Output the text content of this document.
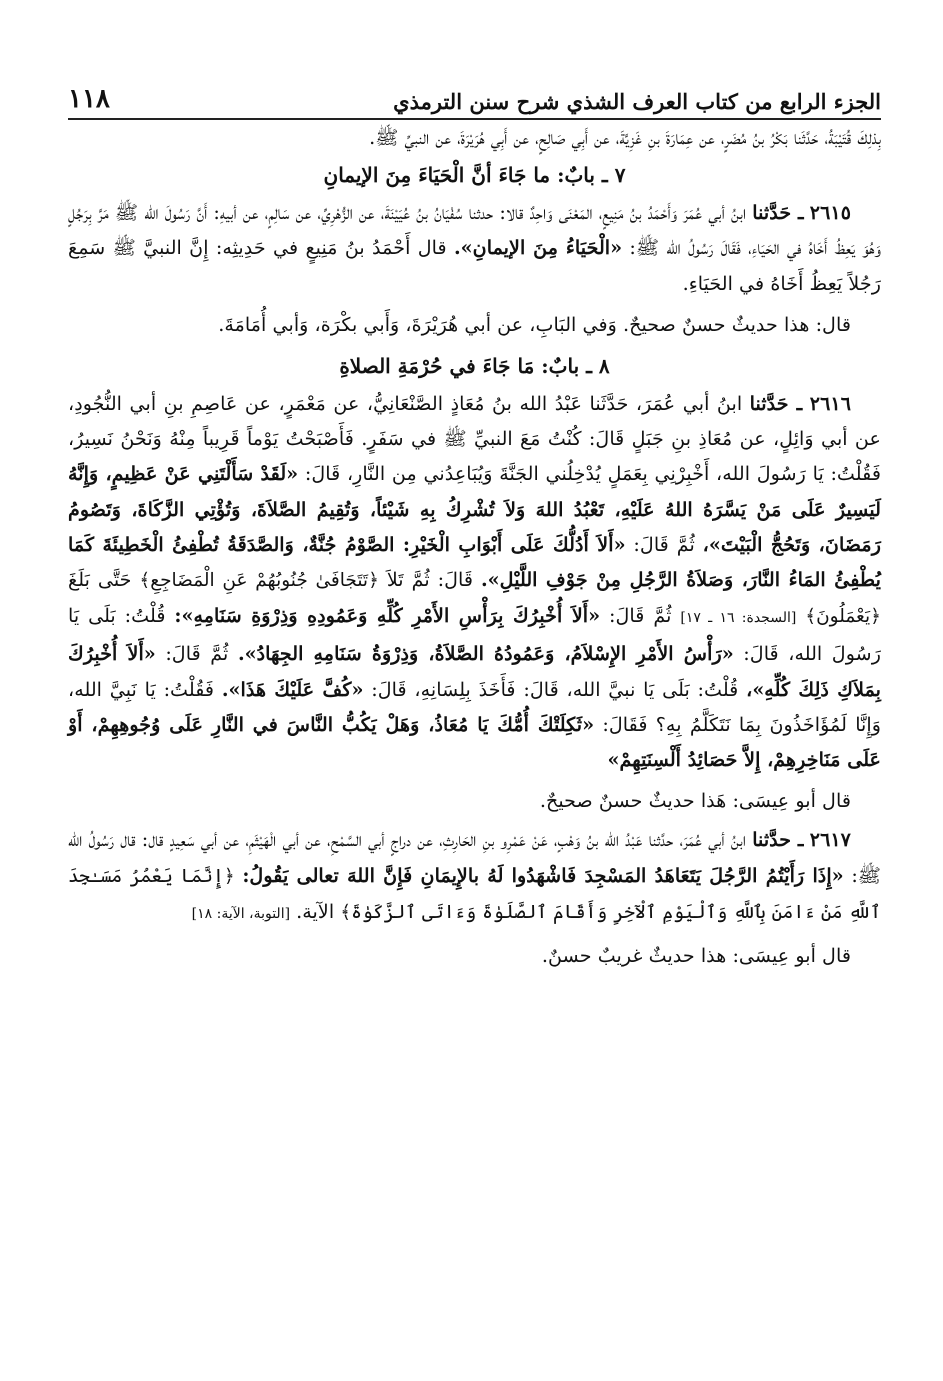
الجزء الرابع من كتاب العرف الشذي شرح سنن الترمذي
١١٨

بِذلِكَ قُتَيْبَةُ، حَدَّثَنا بَكْرُ بنُ مُضَرٍ، عن عِمَارَةَ بنِ غَزِيَّةَ، عن أَبِي صَالِحٍ، عن أَبِي هُرَيْرَةَ، عن النبيِّ ﷺ.

٧ ـ بابٌ: ما جَاءَ أنَّ الْحَيَاءَ مِنَ الإيمانِ

٢٦١٥ ـ حَدَّثنا ابنُ أبي عُمَرَ وَأَحْمَدُ بنُ مَنِيعٍ، المَعْنَى وَاحِدٌ قالا: حدثنا سُفْيَانُ بنُ عُيَيْنَةَ، عن الزُّهْرِيِّ، عن سَالِمٍ، عن أبيهِ: أَنَّ رَسُولَ الله ﷺ مَرَّ بِرَجُلٍ وَهُوَ يَعِظُ أَخَاهُ في الحَيَاءِ، فَقَالَ رَسُولُ الله ﷺ: «الْحَيَاءُ مِنَ الإيمانِ». قال أَحْمَدُ بنُ مَنِيعٍ في حَدِيثِه: إِنَّ النبيَّ ﷺ سَمِعَ رَجُلاً يَعِظُ أَخَاهُ في الحَيَاءِ.

قال: هذا حديثٌ حسنٌ صحيحٌ. وَفي البَابِ، عن أبي هُرَيْرَةَ، وَأَبي بكْرَة، وَأبي أُمَامَةَ.

٨ ـ بابٌ: مَا جَاءَ في حُرْمَةِ الصلاةِ

٢٦١٦ ـ حَدَّثنا ابنُ أبي عُمَرَ، حَدَّثَنا عَبْدُ الله بنُ مُعَاذٍ الصَّنْعَانِيُّ، عن مَعْمَرٍ، عن عَاصِمِ بنِ أبي النُّجُودِ، عن أبي وَائِلٍ، عن مُعَاذِ بنِ جَبَلٍ قَالَ: كُنْتُ مَعَ النبيِّ ﷺ في سَفَرٍ. فَأَصْبَحْتُ يَوْماً قَرِيباً مِنْهُ وَنَحْنُ نَسِيرُ، فَقُلْتُ: يَا رَسُولَ الله، أَخْبِرْنِي بِعَمَلٍ يُدْخِلُني الجَنَّةَ وَيُبَاعِدُني مِن النَّارِ، قَالَ: «لَقَدْ سَأَلْتَنِي عَنْ عَظِيمٍ، وَإِنَّهُ لَيَسِيرٌ عَلَى مَنْ يَسَّرَهُ اللهُ عَلَيْهِ، تَعْبُدُ اللهَ وَلاَ تُشْرِكُ بِهِ شَيْئاً، وَتُقِيمُ الصَّلاَةَ، وَتُؤْتِي الزَّكَاةَ، وَتَصُومُ رَمَضَانَ، وَتَحُجُّ الْبَيْتَ»، ثُمَّ قَالَ: «أَلاَ أَدُلُّكَ عَلَى أَبْوَابِ الْخَيْرِ: الصَّوْمُ جُنَّةٌ، وَالصَّدَقَةُ تُطْفِئُ الْخَطِيئَةَ كَمَا يُطْفِئُ المَاءُ النَّارَ، وَصَلاَةُ الرَّجُلِ مِنْ جَوْفِ اللَّيْلِ». قَالَ: ثُمَّ تَلاَ ﴿تَتَجَافَىٰ جُنُوبُهُمْ عَنِ الْمَضَاجِعِ﴾ حَتَّى بَلَغَ ﴿يَعْمَلُونَ﴾ [السجدة: ١٦ ـ ١٧] ثُمَّ قَالَ: «أَلاَ أُخْبِرُكَ بِرَأْسِ الأَمْرِ كُلِّهِ وَعَمُودِهِ وَذِرْوَةِ سَنَامِهِ»: قُلْتُ: بَلَى يَا رَسُولَ الله، قَالَ: «رَأْسُ الأَمْرِ الإِسْلاَمُ، وَعَمُودُهُ الصَّلاَةُ، وَذِرْوَةُ سَنَامِهِ الجِهَادُ». ثُمَّ قَالَ: «أَلاَ أُخْبِرُكَ بِمَلاَكِ ذَلِكَ كُلِّهِ»، قُلْتُ: بَلَى يَا نبيَّ الله، قَالَ: فَأَخَذَ بِلِسَانِهِ، قَالَ: «كُفَّ عَلَيْكَ هَذَا». فَقُلْتُ: يَا نَبِيَّ الله، وَإِنَّا لَمُؤَاخَذُونَ بِمَا نَتَكَلَّمُ بِهِ؟ فَقَالَ: «ثَكِلَتْكَ أُمُّكَ يَا مُعَاذُ، وَهَلْ يَكُبُّ النَّاسَ في النَّارِ عَلَى وُجُوهِهِمْ، أَوْ عَلَى مَنَاخِرِهِمْ، إِلاَّ حَصَائِدُ أَلْسِنَتِهِمْ»

قال أبو عِيسَى: هَذا حديثٌ حسنٌ صحيحٌ.

٢٦١٧ ـ حدَّثنا ابنُ أبي عُمَرَ، حدَّثنا عَبْدُ الله بنُ وَهْبٍ، عَنْ عَمْرِو بنِ الحَارِثِ، عن دراجٍ أبي السَّمْحِ، عن أبي الْهَيْثَمِ، عن أبي سَعِيدٍ قال: قال رَسُولُ الله ﷺ: «إِذَا رَأَيْتُمُ الرَّجُلَ يَتَعَاهَدُ المَسْجِدَ فَاشْهَدُوا لَهُ بالإِيمَانِ فَإِنَّ اللهَ تعالى يَقُولُ: ﴿إِنَّمَا يَعْمُرُ مَسَـٰجِدَ ٱللَّهِ مَنْ ءَامَنَ بِٱللَّهِ وَٱلْيَوْمِ ٱلْآخِرِ وَأَقَامَ ٱلصَّلَوٰةَ وَءَاتَى ٱلزَّكَوٰةَ﴾ الآية. [التوبة، الآية: ١٨]

قال أبو عِيسَى: هذا حديثٌ غريبٌ حسنٌ.
